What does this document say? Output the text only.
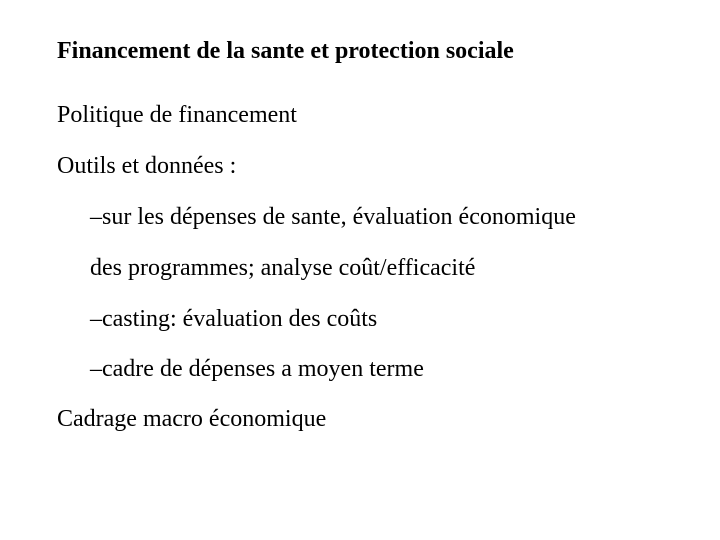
Financement de la sante et protection sociale
Politique de financement
Outils et données :
–sur les dépenses de sante, évaluation économique
des programmes; analyse coût/efficacité
–casting: évaluation des coûts
–cadre de dépenses a moyen terme
Cadrage macro économique
